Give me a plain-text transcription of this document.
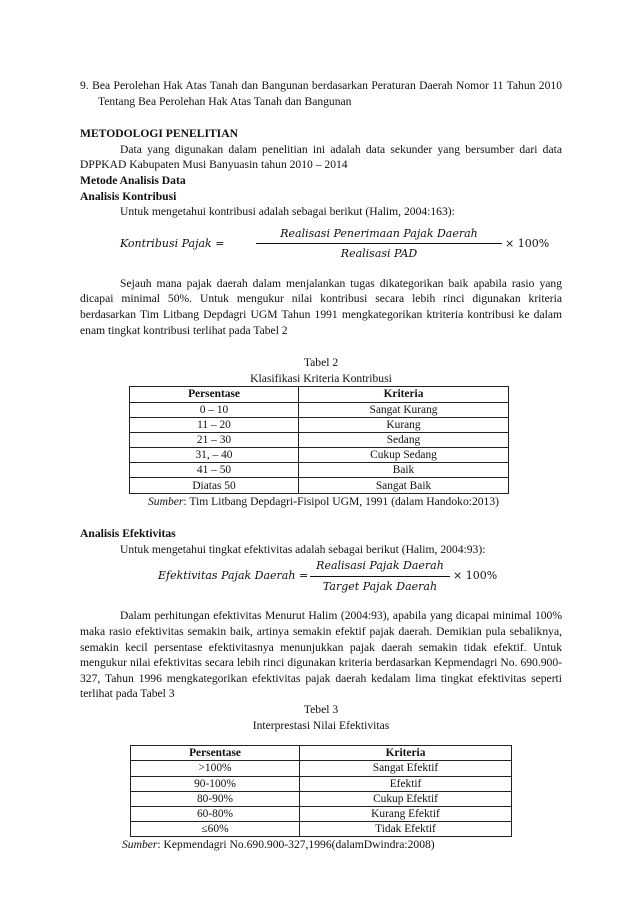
9. Bea Perolehan Hak Atas Tanah dan Bangunan berdasarkan Peraturan Daerah Nomor 11 Tahun 2010 Tentang Bea Perolehan Hak Atas Tanah dan Bangunan

METODOLOGI PENELITIAN

Data yang digunakan dalam penelitian ini adalah data sekunder yang bersumber dari data DPPKAD Kabupaten Musi Banyuasin tahun 2010 – 2014

Metode Analisis Data

Analisis Kontribusi

Untuk mengetahui kontribusi adalah sebagai berikut (Halim, 2004:163):

Kontribusi Pajak =
Realisasi Penerimaan Pajak Daerah
Realisasi PAD
× 100%

Sejauh mana pajak daerah dalam menjalankan tugas dikategorikan baik apabila rasio yang dicapai minimal 50%. Untuk mengukur nilai kontribusi secara lebih rinci digunakan kriteria berdasarkan Tim Litbang Depdagri UGM Tahun 1991 mengkategorikan ktriteria kontribusi ke dalam enam tingkat kontribusi terlihat pada Tabel 2

Tabel 2

Klasifikasi Kriteria Kontribusi

Persentase	Kriteria
0 – 10	Sangat Kurang
11 – 20	Kurang
21 – 30	Sedang
31, – 40	Cukup Sedang
41 – 50	Baik
Diatas 50	Sangat Baik

Sumber: Tim Litbang Depdagri-Fisipol UGM, 1991 (dalam Handoko:2013)

Analisis Efektivitas

Untuk mengetahui tingkat efektivitas adalah sebagai berikut (Halim, 2004:93):

Efektivitas Pajak Daerah =
Realisasi Pajak Daerah
Target Pajak Daerah
× 100%

Dalam perhitungan efektivitas Menurut Halim (2004:93), apabila yang dicapai minimal 100% maka rasio efektivitas semakin baik, artinya semakin efektif pajak daerah. Demikian pula sebaliknya, semakin kecil persentase efektivitasnya menunjukkan pajak daerah semakin tidak efektif. Untuk mengukur nilai efektivitas secara lebih rinci digunakan kriteria berdasarkan Kepmendagri No. 690.900-327, Tahun 1996 mengkategorikan efektivitas pajak daerah kedalam lima tingkat efektivitas seperti terlihat pada Tabel 3

Tebel 3

Interprestasi Nilai Efektivitas

Persentase	Kriteria
>100%	Sangat Efektif
90-100%	Efektif
80-90%	Cukup Efektif
60-80%	Kurang Efektif
≤60%	Tidak Efektif

Sumber: Kepmendagri No.690.900-327,1996(dalamDwindra:2008)
